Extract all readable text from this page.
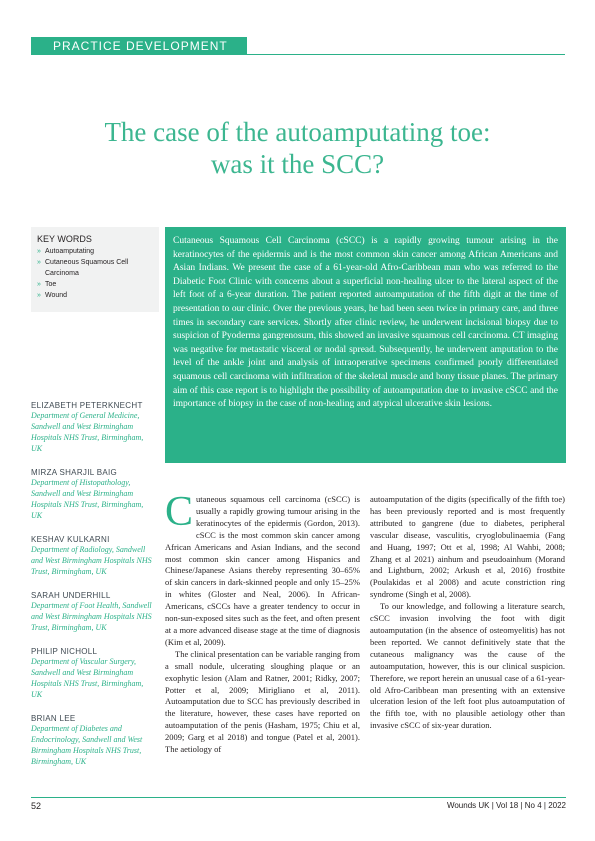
PRACTICE DEVELOPMENT
The case of the autoamputating toe:
was it the SCC?
KEY WORDS
» Autoamputating
» Cutaneous Squamous Cell Carcinoma
» Toe
» Wound
Cutaneous Squamous Cell Carcinoma (cSCC) is a rapidly growing tumour arising in the keratinocytes of the epidermis and is the most common skin cancer among African Americans and Asian Indians. We present the case of a 61-year-old Afro-Caribbean man who was referred to the Diabetic Foot Clinic with concerns about a superficial non-healing ulcer to the lateral aspect of the left foot of a 6-year duration. The patient reported autoamputation of the fifth digit at the time of presentation to our clinic. Over the previous years, he had been seen twice in primary care, and three times in secondary care services. Shortly after clinic review, he underwent incisional biopsy due to suspicion of Pyoderma gangrenosum, this showed an invasive squamous cell carcinoma. CT imaging was negative for metastatic visceral or nodal spread. Subsequently, he underwent amputation to the level of the ankle joint and analysis of intraoperative specimens confirmed poorly differentiated squamous cell carcinoma with infiltration of the skeletal muscle and bony tissue planes. The primary aim of this case report is to highlight the possibility of autoamputation due to invasive cSCC and the importance of biopsy in the case of non-healing and atypical ulcerative skin lesions.
ELIZABETH PETERKNECHT
Department of General Medicine, Sandwell and West Birmingham Hospitals NHS Trust, Birmingham, UK
MIRZA SHARJIL BAIG
Department of Histopathology, Sandwell and West Birmingham Hospitals NHS Trust, Birmingham, UK
KESHAV KULKARNI
Department of Radiology, Sandwell and West Birmingham Hospitals NHS Trust, Birmingham, UK
SARAH UNDERHILL
Department of Foot Health, Sandwell and West Birmingham Hospitals NHS Trust, Birmingham, UK
PHILIP NICHOLL
Department of Vascular Surgery, Sandwell and West Birmingham Hospitals NHS Trust, Birmingham, UK
BRIAN LEE
Department of Diabetes and Endocrinology, Sandwell and West Birmingham Hospitals NHS Trust, Birmingham, UK

Cutaneous squamous cell carcinoma (cSCC) is usually a rapidly growing tumour arising in the keratinocytes of the epidermis (Gordon, 2013). cSCC is the most common skin cancer among African Americans and Asian Indians, and the second most common skin cancer among Hispanics and Chinese/Japanese Asians thereby representing 30–65% of skin cancers in dark-skinned people and only 15–25% in whites (Gloster and Neal, 2006). In African-Americans, cSCCs have a greater tendency to occur in non-sun-exposed sites such as the feet, and often present at a more advanced disease stage at the time of diagnosis (Kim et al, 2009).

The clinical presentation can be variable ranging from a small nodule, ulcerating sloughing plaque or an exophytic lesion (Alam and Ratner, 2001; Ridky, 2007; Potter et al, 2009; Mirigliano et al, 2011). Autoamputation due to SCC has previously described in the literature, however, these cases have reported on autoamputation of the penis (Hasham, 1975; Chiu et al, 2009; Garg et al 2018) and tongue (Patel et al, 2001). The aetiology of

autoamputation of the digits (specifically of the fifth toe) has been previously reported and is most frequently attributed to gangrene (due to diabetes, peripheral vascular disease, vasculitis, cryoglobulinaemia (Fang and Huang, 1997; Ott et al, 1998; Al Wahbi, 2008; Zhang et al 2021) ainhum and pseudoainhum (Morand and Lightburn, 2002; Arkush et al, 2016) frostbite (Poulakidas et al 2008) and acute constriction ring syndrome (Singh et al, 2008).

To our knowledge, and following a literature search, cSCC invasion involving the foot with digit autoamputation (in the absence of osteomyelitis) has not been reported. We cannot definitively state that the cutaneous malignancy was the cause of the autoamputation, however, this is our clinical suspicion. Therefore, we report herein an unusual case of a 61-year-old Afro-Caribbean man presenting with an extensive ulceration lesion of the left foot plus autoamputation of the fifth toe, with no plausible aetiology other than invasive cSCC of six-year duration.

52	Wounds UK | Vol 18 | No 4 | 2022
